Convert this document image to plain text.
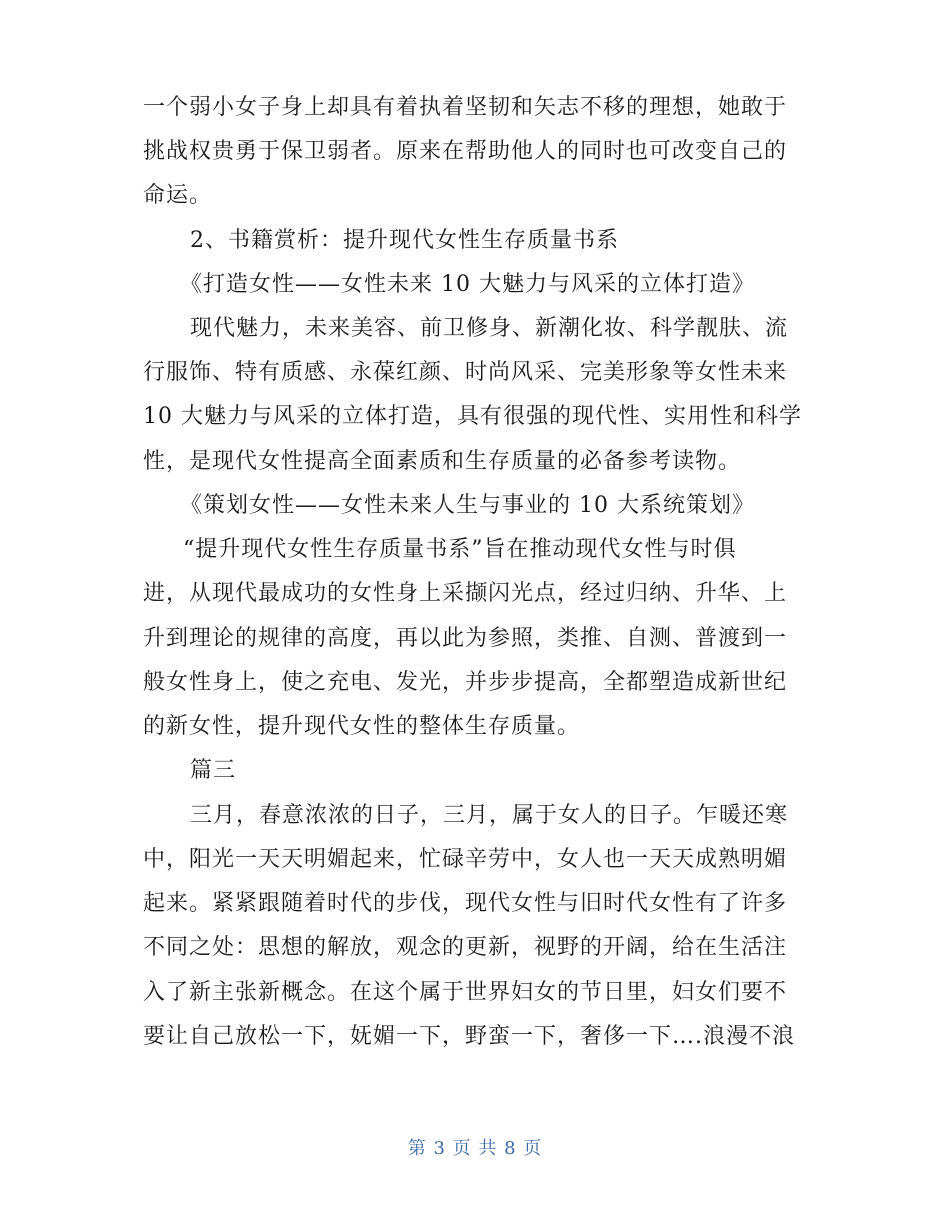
一个弱小女子身上却具有着执着坚韧和矢志不移的理想，她敢于
挑战权贵勇于保卫弱者。原来在帮助他人的同时也可改变自己的
命运。
2、书籍赏析：提升现代女性生存质量书系
《打造女性——女性未来 10 大魅力与风采的立体打造》
现代魅力，未来美容、前卫修身、新潮化妆、科学靓肤、流
行服饰、特有质感、永葆红颜、时尚风采、完美形象等女性未来
10 大魅力与风采的立体打造，具有很强的现代性、实用性和科学
性，是现代女性提高全面素质和生存质量的必备参考读物。
《策划女性——女性未来人生与事业的 10 大系统策划》
“提升现代女性生存质量书系”旨在推动现代女性与时俱
进，从现代最成功的女性身上采撷闪光点，经过归纳、升华、上
升到理论的规律的高度，再以此为参照，类推、自测、普渡到一
般女性身上，使之充电、发光，并步步提高，全都塑造成新世纪
的新女性，提升现代女性的整体生存质量。
篇三
三月，春意浓浓的日子，三月，属于女人的日子。乍暖还寒
中，阳光一天天明媚起来，忙碌辛劳中，女人也一天天成熟明媚
起来。紧紧跟随着时代的步伐，现代女性与旧时代女性有了许多
不同之处：思想的解放，观念的更新，视野的开阔，给在生活注
入了新主张新概念。在这个属于世界妇女的节日里，妇女们要不
要让自己放松一下，妩媚一下，野蛮一下，奢侈一下….浪漫不浪
第 3 页 共 8 页
